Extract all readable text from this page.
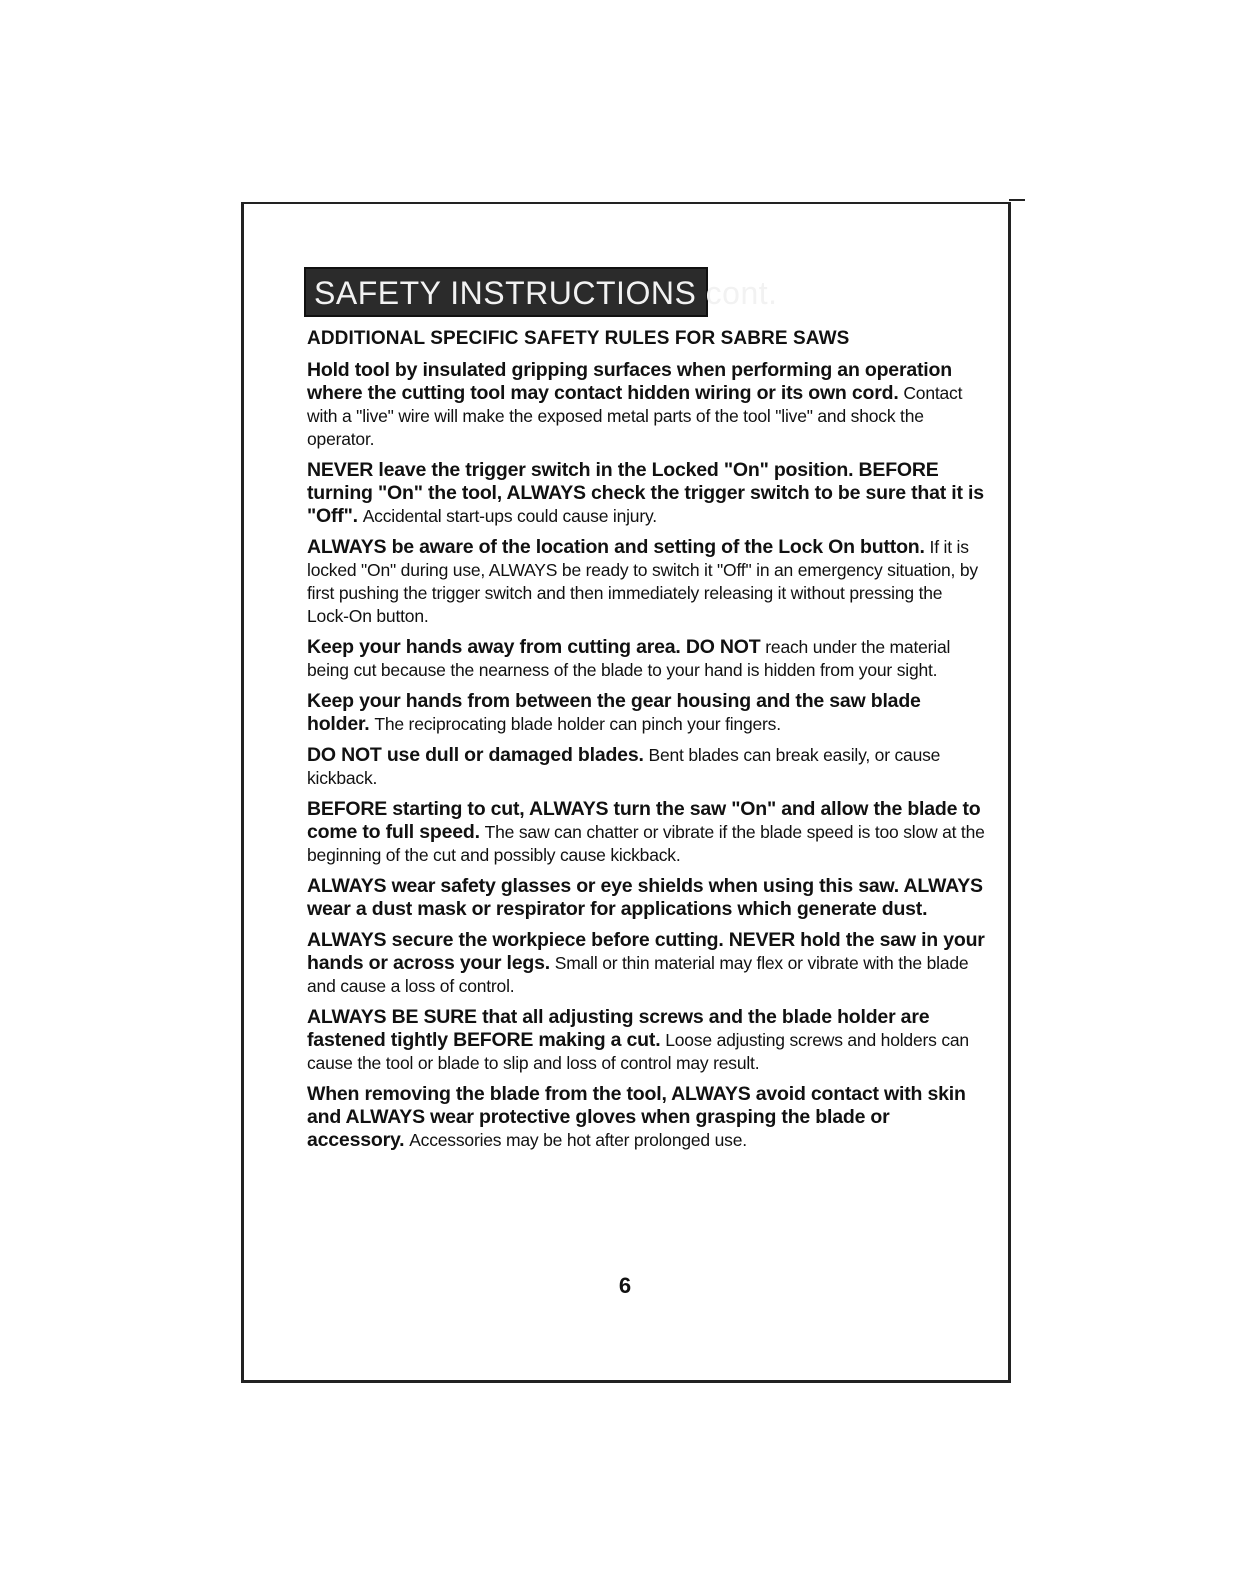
SAFETY INSTRUCTIONS cont.
ADDITIONAL SPECIFIC SAFETY RULES FOR SABRE SAWS
Hold tool by insulated gripping surfaces when performing an operation where the cutting tool may contact hidden wiring or its own cord. Contact with a "live" wire will make the exposed metal parts of the tool "live" and shock the operator.
NEVER leave the trigger switch in the Locked "On" position. BEFORE turning "On" the tool, ALWAYS check the trigger switch to be sure that it is "Off". Accidental start-ups could cause injury.
ALWAYS be aware of the location and setting of the Lock On button. If it is locked "On" during use, ALWAYS be ready to switch it "Off" in an emergency situation, by first pushing the trigger switch and then immediately releasing it without pressing the Lock-On button.
Keep your hands away from cutting area. DO NOT reach under the material being cut because the nearness of the blade to your hand is hidden from your sight.
Keep your hands from between the gear housing and the saw blade holder. The reciprocating blade holder can pinch your fingers.
DO NOT use dull or damaged blades. Bent blades can break easily, or cause kickback.
BEFORE starting to cut, ALWAYS turn the saw "On" and allow the blade to come to full speed. The saw can chatter or vibrate if the blade speed is too slow at the beginning of the cut and possibly cause kickback.
ALWAYS wear safety glasses or eye shields when using this saw. ALWAYS wear a dust mask or respirator for applications which generate dust.
ALWAYS secure the workpiece before cutting. NEVER hold the saw in your hands or across your legs. Small or thin material may flex or vibrate with the blade and cause a loss of control.
ALWAYS BE SURE that all adjusting screws and the blade holder are fastened tightly BEFORE making a cut. Loose adjusting screws and holders can cause the tool or blade to slip and loss of control may result.
When removing the blade from the tool, ALWAYS avoid contact with skin and ALWAYS wear protective gloves when grasping the blade or accessory. Accessories may be hot after prolonged use.
6
